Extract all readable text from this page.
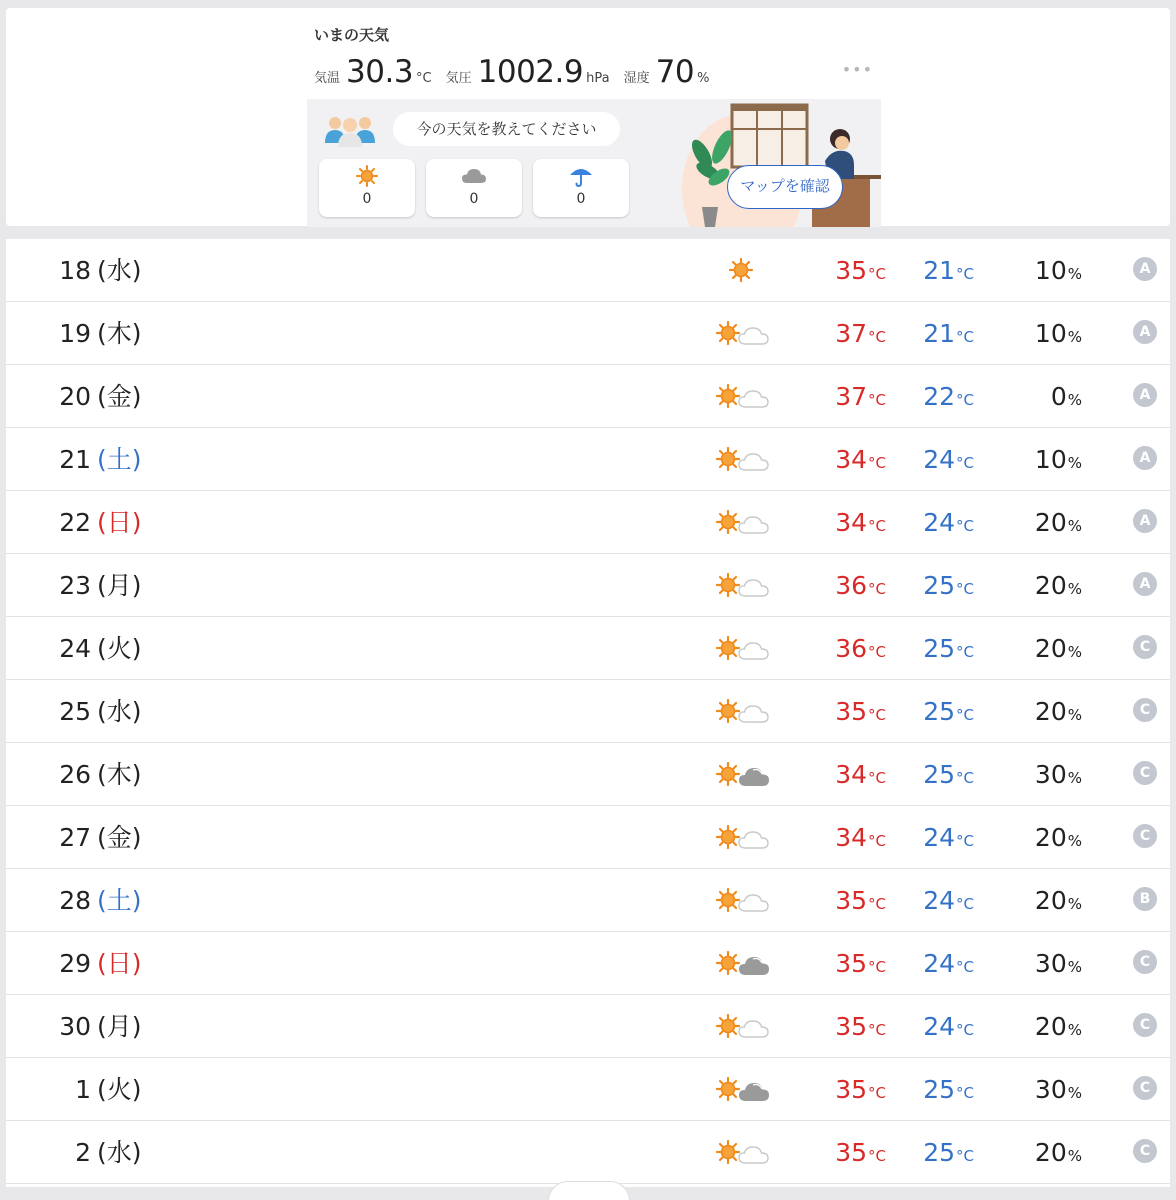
いまの天気
気温 30.3 °C 気圧 1002.9 hPa 湿度 70 %	•••
今の天気を教えてください
0	0	0
マップを確認
18 (水)	35°C	21°C	10%	A
19 (木)	37°C	21°C	10%	A
20 (金)	37°C	22°C	0%	A
21 (土)	34°C	24°C	10%	A
22 (日)	34°C	24°C	20%	A
23 (月)	36°C	25°C	20%	A
24 (火)	36°C	25°C	20%	C
25 (水)	35°C	25°C	20%	C
26 (木)	34°C	25°C	30%	C
27 (金)	34°C	24°C	20%	C
28 (土)	35°C	24°C	20%	B
29 (日)	35°C	24°C	30%	C
30 (月)	35°C	24°C	20%	C
1 (火)	35°C	25°C	30%	C
2 (水)	35°C	25°C	20%	C
